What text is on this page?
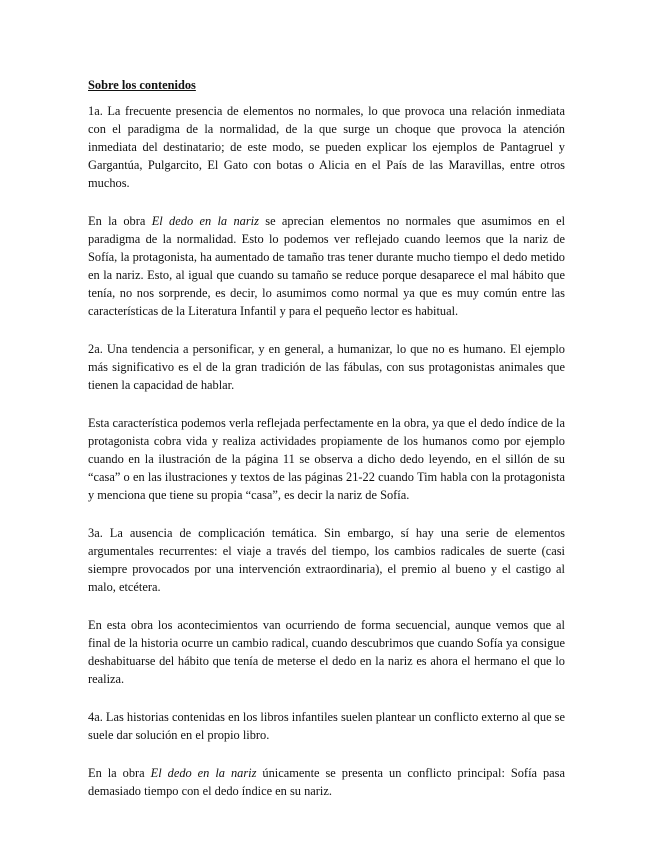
Sobre los contenidos

1a. La frecuente presencia de elementos no normales, lo que provoca una relación inmediata con el paradigma de la normalidad, de la que surge un choque que provoca la atención inmediata del destinatario; de este modo, se pueden explicar los ejemplos de Pantagruel y Gargantúa, Pulgarcito, El Gato con botas o Alicia en el País de las Maravillas, entre otros muchos.

En la obra El dedo en la nariz se aprecian elementos no normales que asumimos en el paradigma de la normalidad. Esto lo podemos ver reflejado cuando leemos que la nariz de Sofía, la protagonista, ha aumentado de tamaño tras tener durante mucho tiempo el dedo metido en la nariz. Esto, al igual que cuando su tamaño se reduce porque desaparece el mal hábito que tenía, no nos sorprende, es decir, lo asumimos como normal ya que es muy común entre las características de la Literatura Infantil y para el pequeño lector es habitual.

2a. Una tendencia a personificar, y en general, a humanizar, lo que no es humano. El ejemplo más significativo es el de la gran tradición de las fábulas, con sus protagonistas animales que tienen la capacidad de hablar.

Esta característica podemos verla reflejada perfectamente en la obra, ya que el dedo índice de la protagonista cobra vida y realiza actividades propiamente de los humanos como por ejemplo cuando en la ilustración de la página 11 se observa a dicho dedo leyendo, en el sillón de su “casa” o en las ilustraciones y textos de las páginas 21-22 cuando Tim habla con la protagonista y menciona que tiene su propia “casa”, es decir la nariz de Sofía.

3a. La ausencia de complicación temática. Sin embargo, sí hay una serie de elementos argumentales recurrentes: el viaje a través del tiempo, los cambios radicales de suerte (casi siempre provocados por una intervención extraordinaria), el premio al bueno y el castigo al malo, etcétera.

En esta obra los acontecimientos van ocurriendo de forma secuencial, aunque vemos que al final de la historia ocurre un cambio radical, cuando descubrimos que cuando Sofía ya consigue deshabituarse del hábito que tenía de meterse el dedo en la nariz es ahora el hermano el que lo realiza.

4a. Las historias contenidas en los libros infantiles suelen plantear un conflicto externo al que se suele dar solución en el propio libro.

En la obra El dedo en la nariz únicamente se presenta un conflicto principal: Sofía pasa demasiado tiempo con el dedo índice en su nariz.
